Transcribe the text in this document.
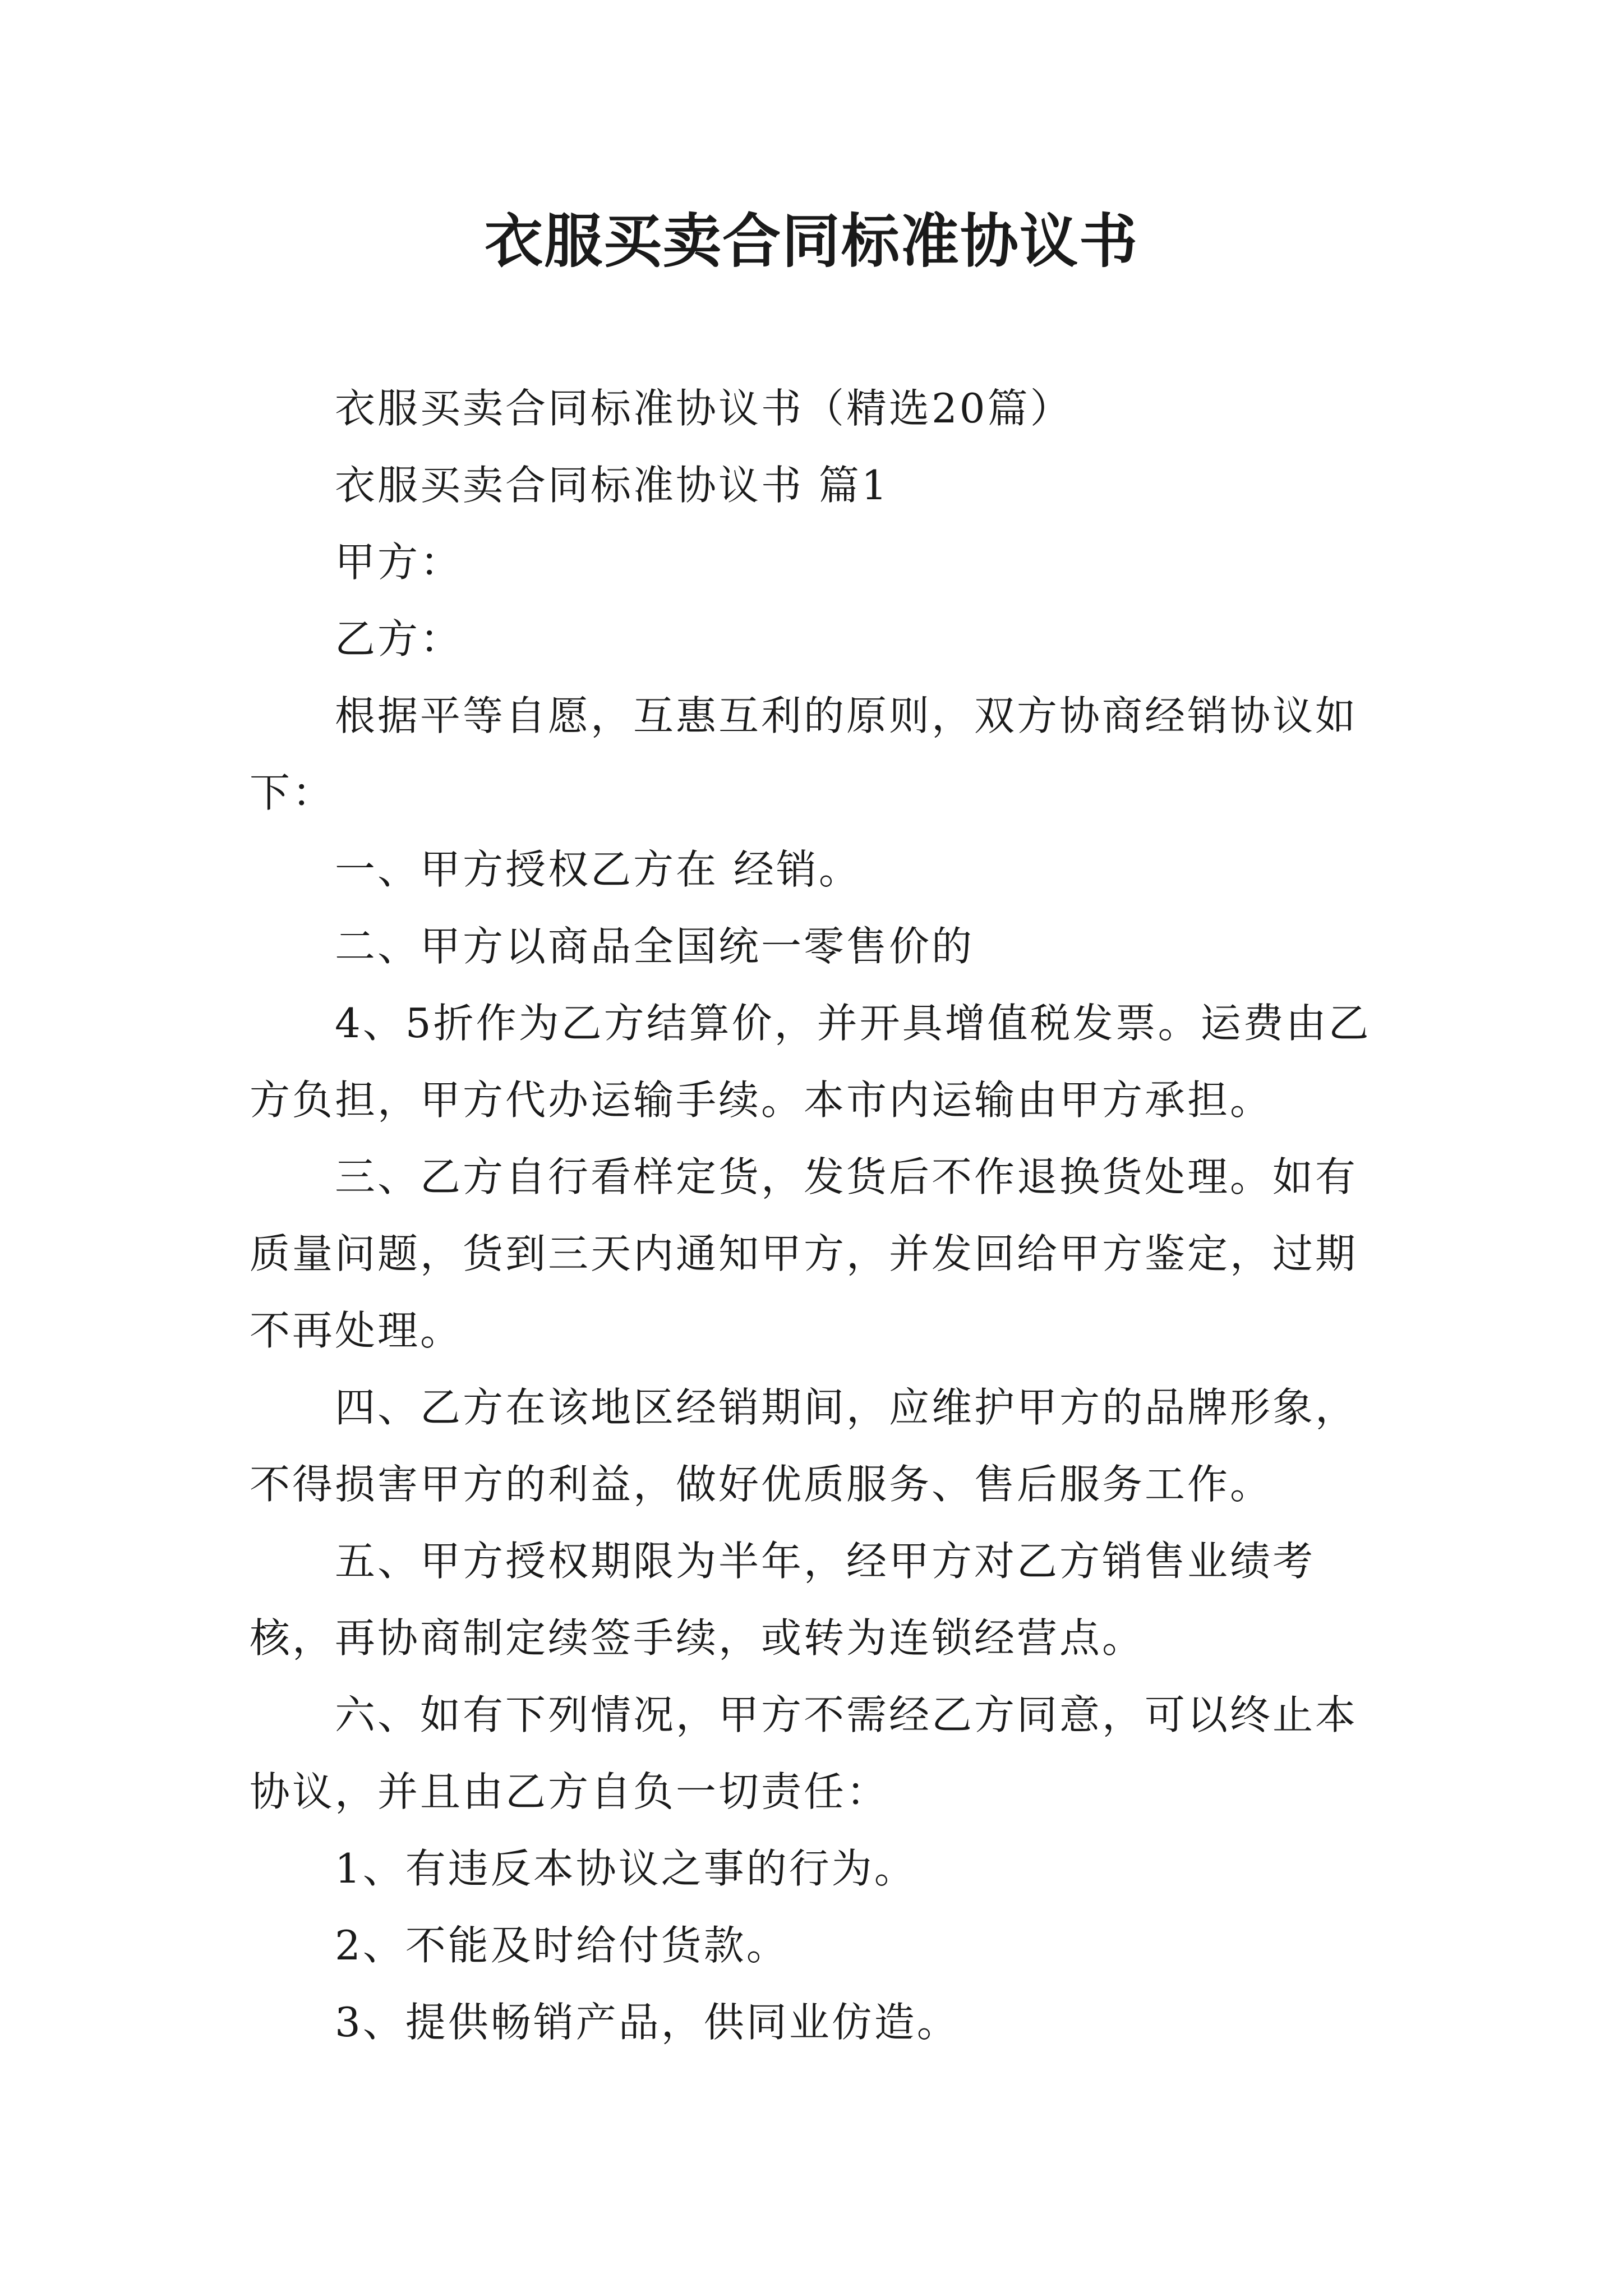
衣服买卖合同标准协议书

衣服买卖合同标准协议书（精选20篇）

衣服买卖合同标准协议书 篇1

甲方：

乙方：

根据平等自愿，互惠互利的原则，双方协商经销协议如下：

一、甲方授权乙方在 经销。

二、甲方以商品全国统一零售价的

4、5折作为乙方结算价，并开具增值税发票。运费由乙方负担，甲方代办运输手续。本市内运输由甲方承担。

三、乙方自行看样定货，发货后不作退换货处理。如有质量问题，货到三天内通知甲方，并发回给甲方鉴定，过期不再处理。

四、乙方在该地区经销期间，应维护甲方的品牌形象，不得损害甲方的利益，做好优质服务、售后服务工作。

五、甲方授权期限为半年，经甲方对乙方销售业绩考核，再协商制定续签手续，或转为连锁经营点。

六、如有下列情况，甲方不需经乙方同意，可以终止本协议，并且由乙方自负一切责任：

1、有违反本协议之事的行为。

2、不能及时给付货款。

3、提供畅销产品，供同业仿造。
